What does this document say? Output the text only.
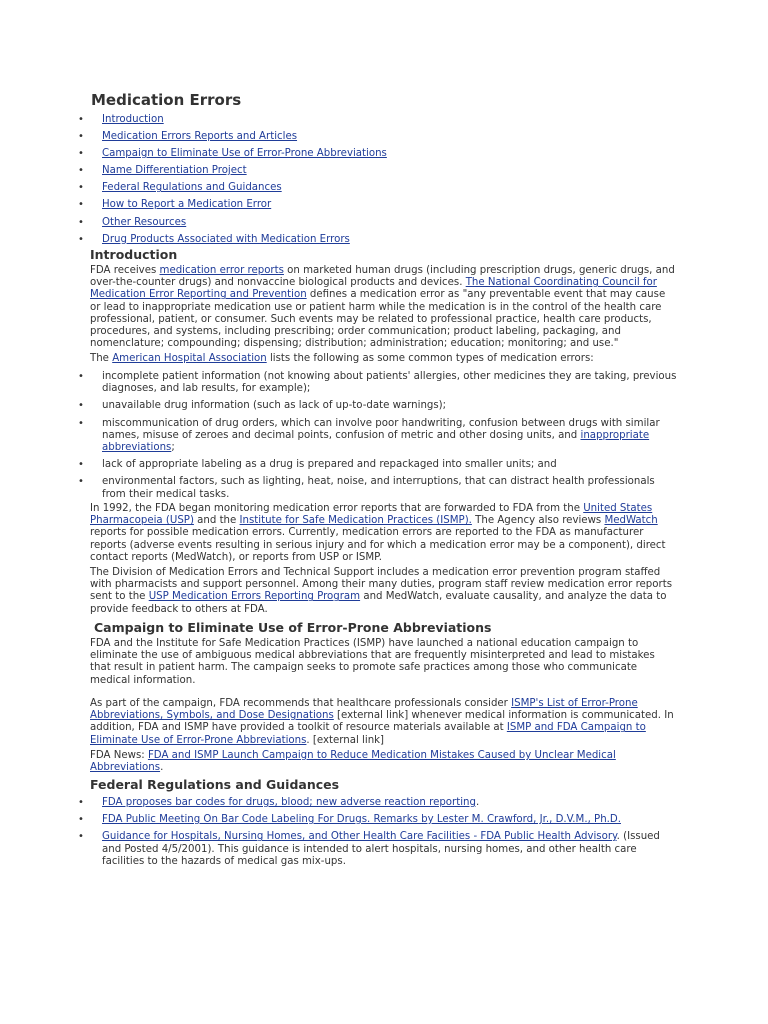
Medication Errors
• Introduction
• Medication Errors Reports and Articles
• Campaign to Eliminate Use of Error-Prone Abbreviations
• Name Differentiation Project
• Federal Regulations and Guidances
• How to Report a Medication Error
• Other Resources
• Drug Products Associated with Medication Errors
Introduction

FDA receives medication error reports on marketed human drugs (including prescription drugs, generic drugs, and over-the-counter drugs) and nonvaccine biological products and devices. The National Coordinating Council for Medication Error Reporting and Prevention defines a medication error as "any preventable event that may cause or lead to inappropriate medication use or patient harm while the medication is in the control of the health care professional, patient, or consumer. Such events may be related to professional practice, health care products, procedures, and systems, including prescribing; order communication; product labeling, packaging, and nomenclature; compounding; dispensing; distribution; administration; education; monitoring; and use."

The American Hospital Association lists the following as some common types of medication errors:

• incomplete patient information (not knowing about patients' allergies, other medicines they are taking, previous diagnoses, and lab results, for example);
• unavailable drug information (such as lack of up-to-date warnings);
• miscommunication of drug orders, which can involve poor handwriting, confusion between drugs with similar names, misuse of zeroes and decimal points, confusion of metric and other dosing units, and inappropriate abbreviations;
• lack of appropriate labeling as a drug is prepared and repackaged into smaller units; and
• environmental factors, such as lighting, heat, noise, and interruptions, that can distract health professionals from their medical tasks.

In 1992, the FDA began monitoring medication error reports that are forwarded to FDA from the United States Pharmacopeia (USP) and the Institute for Safe Medication Practices (ISMP). The Agency also reviews MedWatch reports for possible medication errors. Currently, medication errors are reported to the FDA as manufacturer reports (adverse events resulting in serious injury and for which a medication error may be a component), direct contact reports (MedWatch), or reports from USP or ISMP.

The Division of Medication Errors and Technical Support includes a medication error prevention program staffed with pharmacists and support personnel. Among their many duties, program staff review medication error reports sent to the USP Medication Errors Reporting Program and MedWatch, evaluate causality, and analyze the data to provide feedback to others at FDA.

Campaign to Eliminate Use of Error-Prone Abbreviations

FDA and the Institute for Safe Medication Practices (ISMP) have launched a national education campaign to eliminate the use of ambiguous medical abbreviations that are frequently misinterpreted and lead to mistakes that result in patient harm. The campaign seeks to promote safe practices among those who communicate medical information.

As part of the campaign, FDA recommends that healthcare professionals consider ISMP's List of Error-Prone Abbreviations, Symbols, and Dose Designations [external link] whenever medical information is communicated. In addition, FDA and ISMP have provided a toolkit of resource materials available at ISMP and FDA Campaign to Eliminate Use of Error-Prone Abbreviations. [external link]

FDA News: FDA and ISMP Launch Campaign to Reduce Medication Mistakes Caused by Unclear Medical Abbreviations.

Federal Regulations and Guidances
• FDA proposes bar codes for drugs, blood; new adverse reaction reporting.
• FDA Public Meeting On Bar Code Labeling For Drugs. Remarks by Lester M. Crawford, Jr., D.V.M., Ph.D.
• Guidance for Hospitals, Nursing Homes, and Other Health Care Facilities - FDA Public Health Advisory. (Issued and Posted 4/5/2001). This guidance is intended to alert hospitals, nursing homes, and other health care facilities to the hazards of medical gas mix-ups.
